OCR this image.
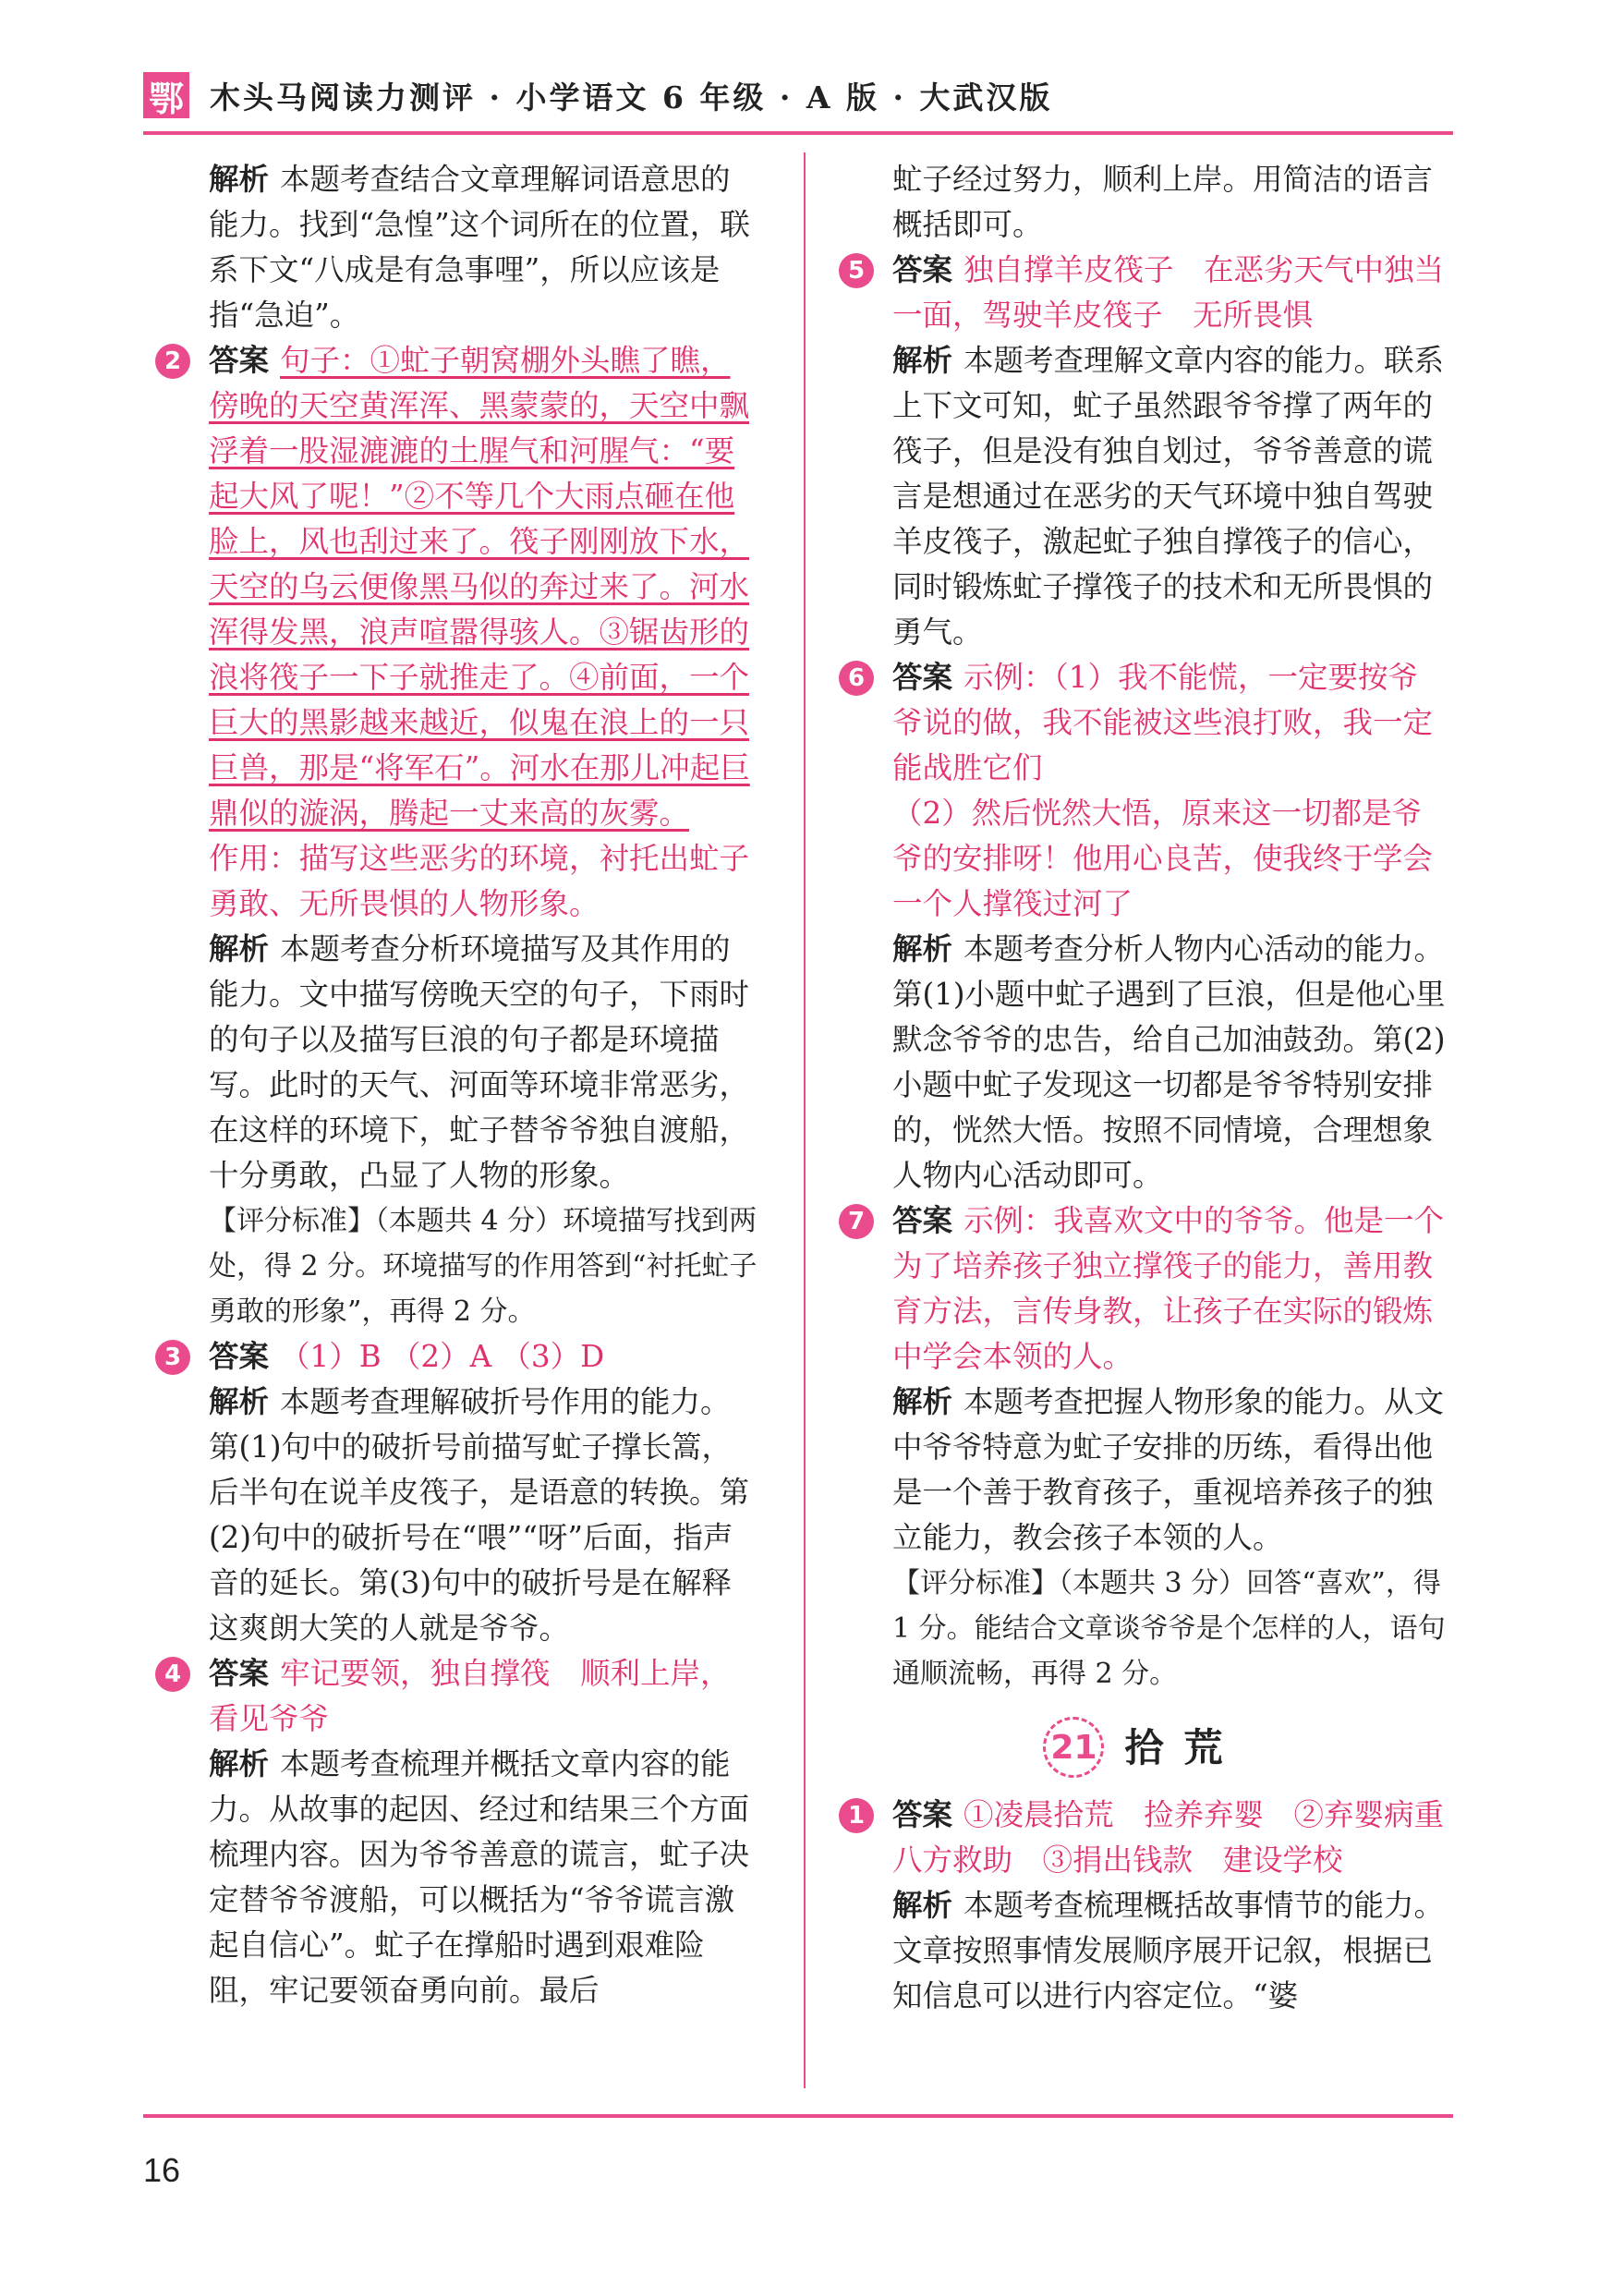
鄂 木头马阅读力测评 · 小学语文 6 年级 · A 版 · 大武汉版

解析 本题考查结合文章理解词语意思的能力。找到“急惶”这个词所在的位置，联系下文“八成是有急事哩”，所以应该是指“急迫”。

2 答案 句子：①虻子朝窝棚外头瞧了瞧，傍晚的天空黄浑浑、黑蒙蒙的，天空中飘浮着一股湿漉漉的土腥气和河腥气：“要起大风了呢！”②不等几个大雨点砸在他脸上，风也刮过来了。筏子刚刚放下水，天空的乌云便像黑马似的奔过来了。河水浑得发黑，浪声喧嚣得骇人。③锯齿形的浪将筏子一下子就推走了。④前面，一个巨大的黑影越来越近，似鬼在浪上的一只巨兽，那是“将军石”。河水在那儿冲起巨鼎似的漩涡，腾起一丈来高的灰雾。

作用：描写这些恶劣的环境，衬托出虻子勇敢、无所畏惧的人物形象。

解析 本题考查分析环境描写及其作用的能力。文中描写傍晚天空的句子，下雨时的句子以及描写巨浪的句子都是环境描写。此时的天气、河面等环境非常恶劣，在这样的环境下，虻子替爷爷独自渡船，十分勇敢，凸显了人物的形象。

【评分标准】（本题共 4 分）环境描写找到两处，得 2 分。环境描写的作用答到“衬托虻子勇敢的形象”，再得 2 分。

3 答案 （1）B （2）A （3）D

解析 本题考查理解破折号作用的能力。第(1)句中的破折号前描写虻子撑长篙，后半句在说羊皮筏子，是语意的转换。第(2)句中的破折号在“喂”“呀”后面，指声音的延长。第(3)句中的破折号是在解释这爽朗大笑的人就是爷爷。

4 答案 牢记要领，独自撑筏　顺利上岸，看见爷爷

解析 本题考查梳理并概括文章内容的能力。从故事的起因、经过和结果三个方面梳理内容。因为爷爷善意的谎言，虻子决定替爷爷渡船，可以概括为“爷爷谎言激起自信心”。虻子在撑船时遇到艰难险阻，牢记要领奋勇向前。最后

虻子经过努力，顺利上岸。用简洁的语言概括即可。

5 答案 独自撑羊皮筏子　在恶劣天气中独当一面，驾驶羊皮筏子　无所畏惧

解析 本题考查理解文章内容的能力。联系上下文可知，虻子虽然跟爷爷撑了两年的筏子，但是没有独自划过，爷爷善意的谎言是想通过在恶劣的天气环境中独自驾驶羊皮筏子，激起虻子独自撑筏子的信心，同时锻炼虻子撑筏子的技术和无所畏惧的勇气。

6 答案 示例：（1）我不能慌，一定要按爷爷说的做，我不能被这些浪打败，我一定能战胜它们

（2）然后恍然大悟，原来这一切都是爷爷的安排呀！他用心良苦，使我终于学会一个人撑筏过河了

解析 本题考查分析人物内心活动的能力。第(1)小题中虻子遇到了巨浪，但是他心里默念爷爷的忠告，给自己加油鼓劲。第(2)小题中虻子发现这一切都是爷爷特别安排的，恍然大悟。按照不同情境，合理想象人物内心活动即可。

7 答案 示例：我喜欢文中的爷爷。他是一个为了培养孩子独立撑筏子的能力，善用教育方法，言传身教，让孩子在实际的锻炼中学会本领的人。

解析 本题考查把握人物形象的能力。从文中爷爷特意为虻子安排的历练，看得出他是一个善于教育孩子，重视培养孩子的独立能力，教会孩子本领的人。

【评分标准】（本题共 3 分）回答“喜欢”，得 1 分。能结合文章谈爷爷是个怎样的人，语句通顺流畅，再得 2 分。

21 拾荒
1 答案 ①凌晨拾荒　捡养弃婴　②弃婴病重　八方救助　③捐出钱款　建设学校

解析 本题考查梳理概括故事情节的能力。文章按照事情发展顺序展开记叙，根据已知信息可以进行内容定位。“婆

16
